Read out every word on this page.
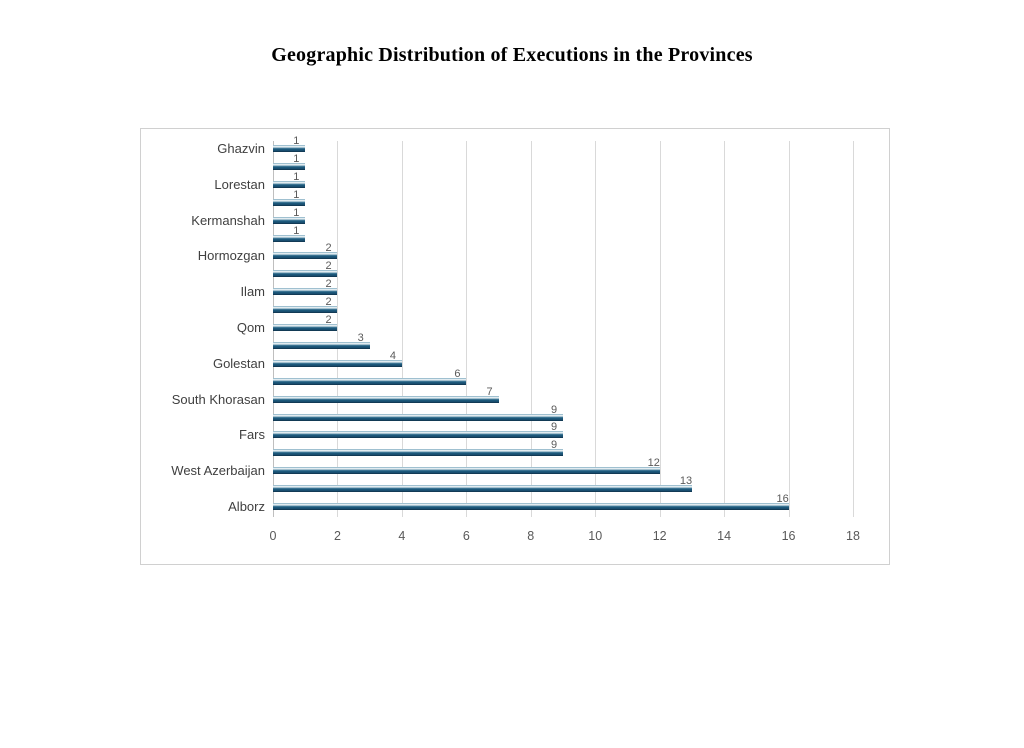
Geographic Distribution of Executions in the Provinces
Ghazvin	1
1
Lorestan	1
1
Kermanshah	1
1
Hormozgan	2
2
Ilam	2
2
Qom	2
3
Golestan	4
6
South Khorasan	7
9
Fars	9
9
West Azerbaijan	12
13
Alborz	16
0	2	4	6	8	10	12	14	16	18
